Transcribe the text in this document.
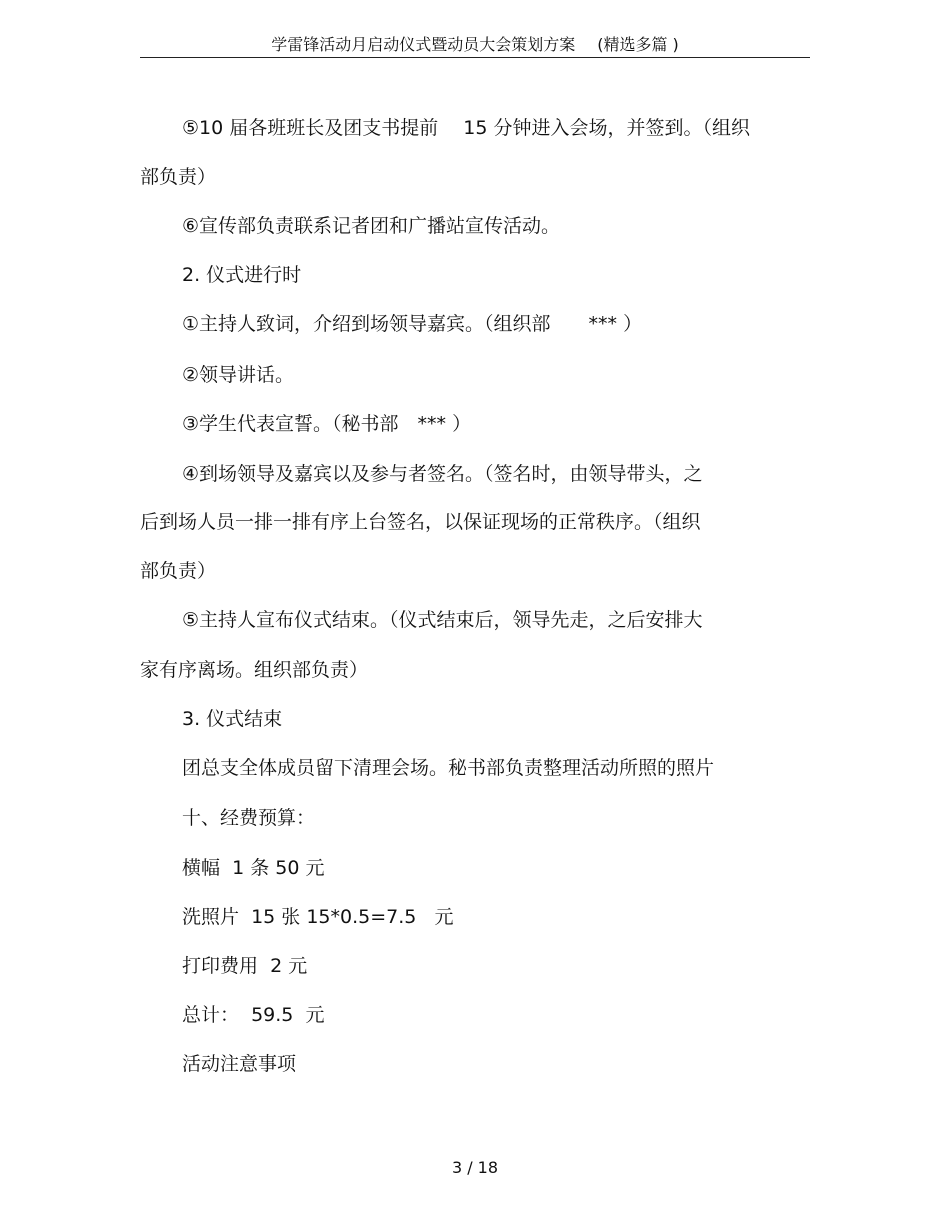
学雷锋活动月启动仪式暨动员大会策划方案 (精选多篇 )
⑤10 届各班班长及团支书提前　 15 分钟进入会场，并签到。（组织
部负责）
⑥宣传部负责联系记者团和广播站宣传活动。
2. 仪式进行时
①主持人致词，介绍到场领导嘉宾。（组织部　　*** ）
②领导讲话。
③学生代表宣誓。（秘书部　*** ）
④到场领导及嘉宾以及参与者签名。（签名时，由领导带头，之
后到场人员一排一排有序上台签名，以保证现场的正常秩序。（组织
部负责）
⑤主持人宣布仪式结束。（仪式结束后，领导先走，之后安排大
家有序离场。组织部负责）
3. 仪式结束
团总支全体成员留下清理会场。秘书部负责整理活动所照的照片
十、经费预算：
横幅  1 条 50 元
洗照片  15 张 15*0.5=7.5   元
打印费用  2 元
总计：  59.5  元
活动注意事项
3 / 18
